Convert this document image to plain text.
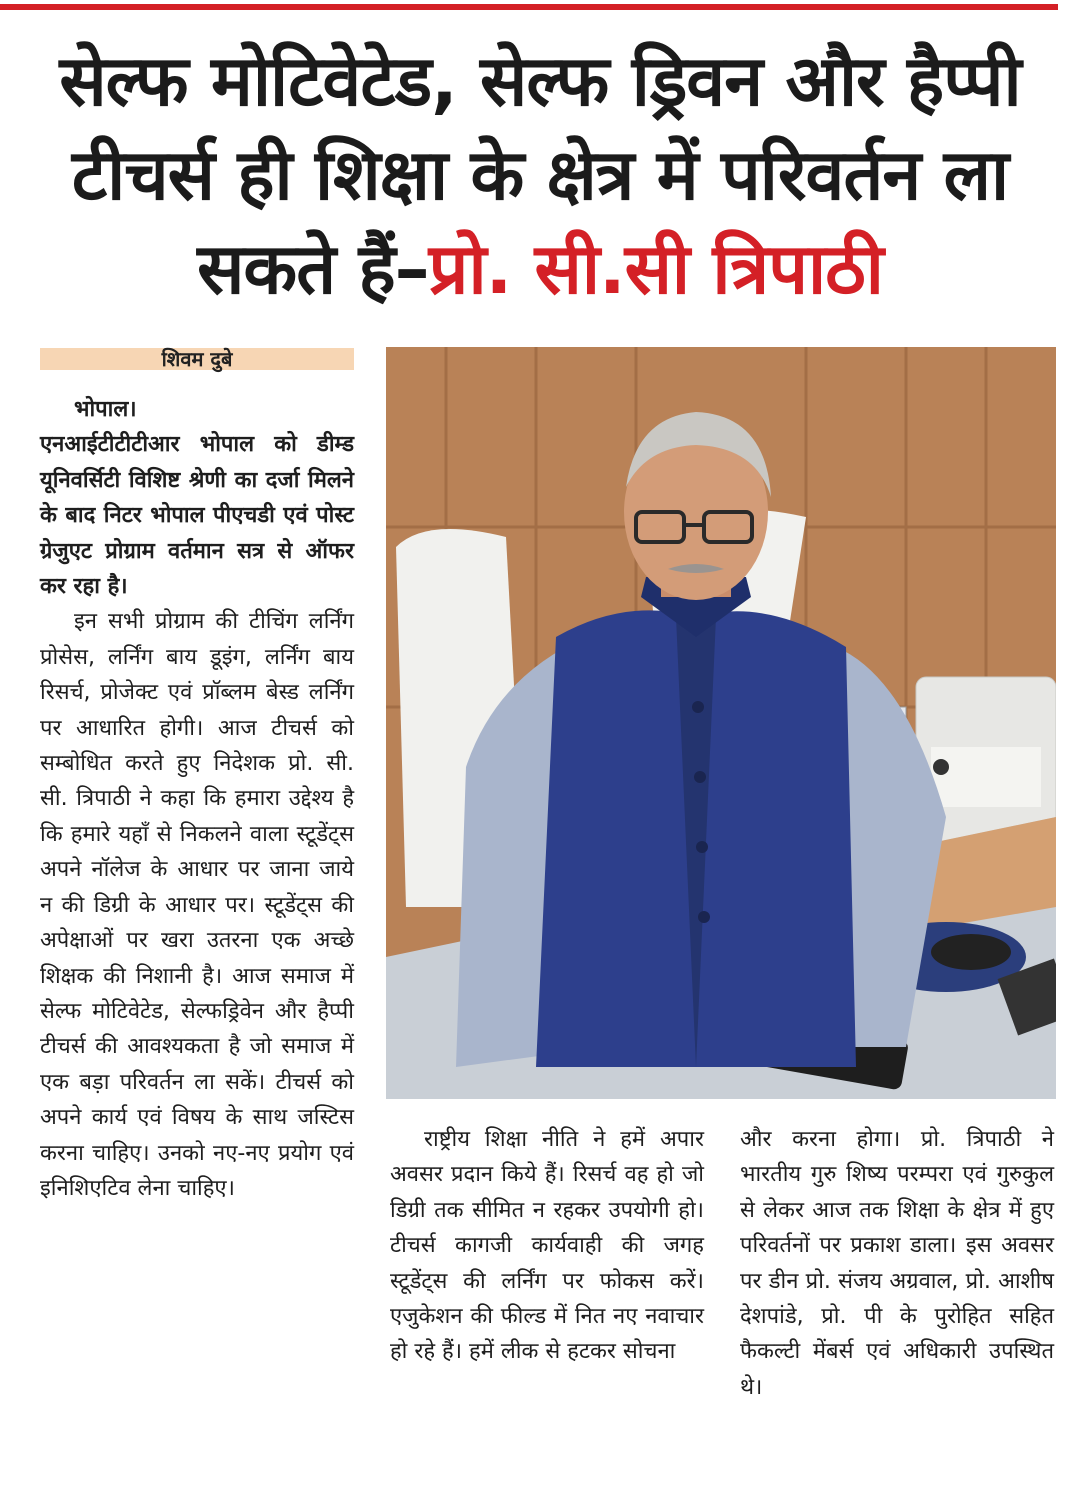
सेल्फ मोटिवेटेड, सेल्फ ड्रिवन और हैप्पी
टीचर्स ही शिक्षा के क्षेत्र में परिवर्तन ला
सकते हैं–प्रो. सी.सी त्रिपाठी
शिवम दुबे

भोपाल।

एनआईटीटीटीआर भोपाल को डीम्ड यूनिवर्सिटी विशिष्ट श्रेणी का दर्जा मिलने के बाद निटर भोपाल पीएचडी एवं पोस्ट ग्रेजुएट प्रोग्राम वर्तमान सत्र से ऑफर कर रहा है।

इन सभी प्रोग्राम की टीचिंग लर्निंग प्रोसेस, लर्निंग बाय डूइंग, लर्निंग बाय रिसर्च, प्रोजेक्ट एवं प्रॉब्लम बेस्ड लर्निंग पर आधारित होगी। आज टीचर्स को सम्बोधित करते हुए निदेशक प्रो. सी. सी. त्रिपाठी ने कहा कि हमारा उद्देश्य है कि हमारे यहाँ से निकलने वाला स्टूडेंट्स अपने नॉलेज के आधार पर जाना जाये न की डिग्री के आधार पर। स्टूडेंट्स की अपेक्षाओं पर खरा उतरना एक अच्छे शिक्षक की निशानी है। आज समाज में सेल्फ मोटिवेटेड, सेल्फड्रिवेन और हैप्पी टीचर्स की आवश्यकता है जो समाज में एक बड़ा परिवर्तन ला सकें। टीचर्स को अपने कार्य एवं विषय के साथ जस्टिस करना चाहिए। उनको नए-नए प्रयोग एवं इनिशिएटिव लेना चाहिए।

राष्ट्रीय शिक्षा नीति ने हमें अपार अवसर प्रदान किये हैं। रिसर्च वह हो जो डिग्री तक सीमित न रहकर उपयोगी हो। टीचर्स कागजी कार्यवाही की जगह स्टूडेंट्स की लर्निंग पर फोकस करें। एजुकेशन की फील्ड में नित नए नवाचार हो रहे हैं। हमें लीक से हटकर सोचना

और करना होगा। प्रो. त्रिपाठी ने भारतीय गुरु शिष्य परम्परा एवं गुरुकुल से लेकर आज तक शिक्षा के क्षेत्र में हुए परिवर्तनों पर प्रकाश डाला। इस अवसर पर डीन प्रो. संजय अग्रवाल, प्रो. आशीष देशपांडे, प्रो. पी के पुरोहित सहित फैकल्टी मेंबर्स एवं अधिकारी उपस्थित थे।
